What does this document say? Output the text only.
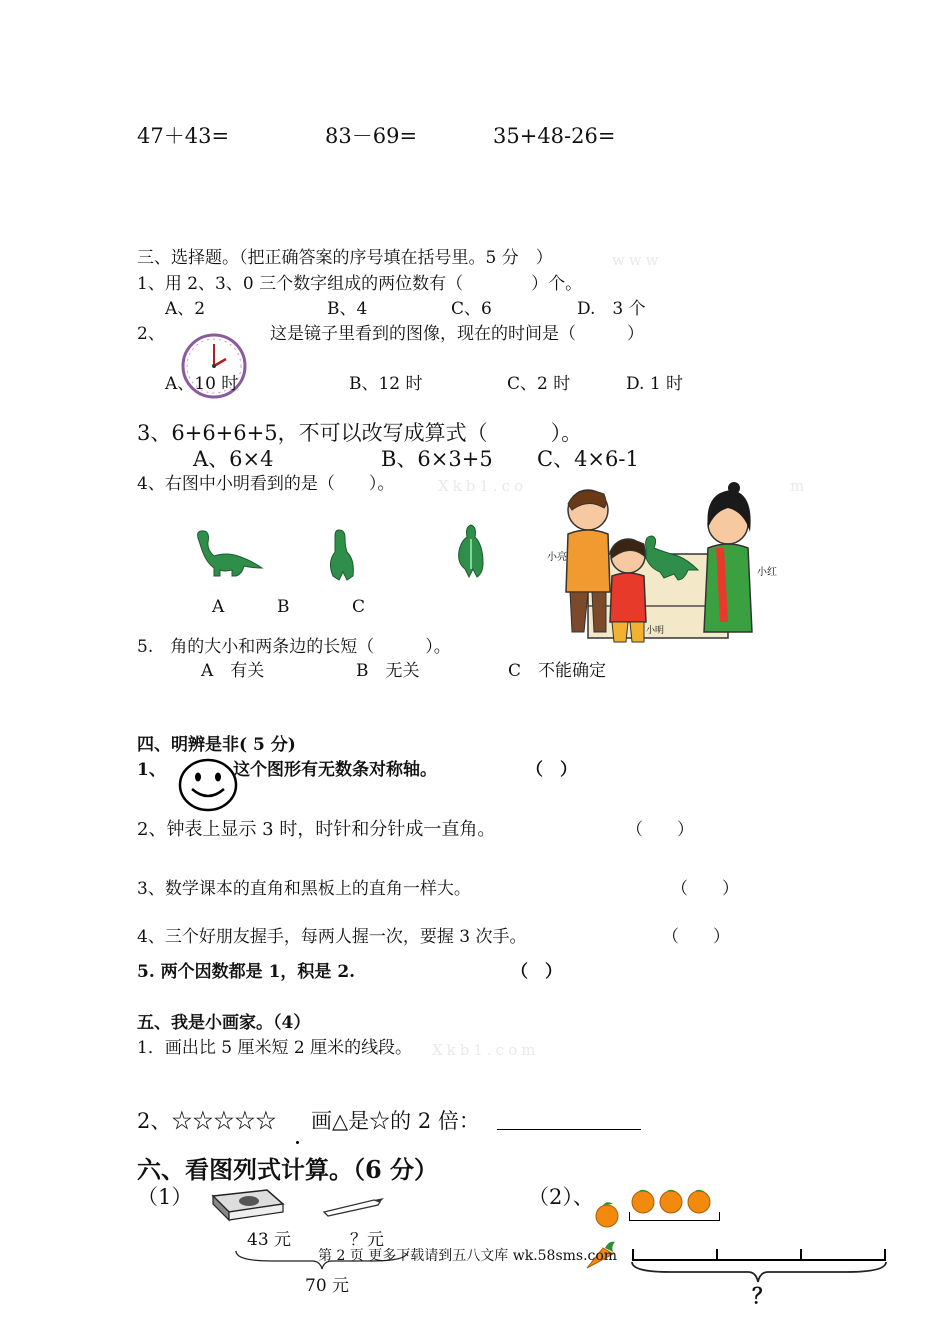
47＋43=	83－69=	35+48-26=
三、选择题。（把正确答案的序号填在括号里。5 分　）	www
1、用 2、3、0 三个数字组成的两位数有（　　　　）个。
A、2	B、4	C、6	D.　3 个
2、	这是镜子里看到的图像，现在的时间是（　　　）
A、10 时	B、12 时	C、2 时	D. 1 时
3、6+6+6+5，不可以改写成算式（　　　）。
A、6×4	B、6×3+5 C、4×6-1
4、右图中小明看到的是（　　）。	Xkb1.co	m
A	B	C
小亮
小明
小红
5.　角的大小和两条边的长短（　　　）。
A　有关	B　无关	C　不能确定
四、明辨是非( 5 分)
1、	这个图形有无数条对称轴。	（　）
2、钟表上显示 3 时，时针和分针成一直角。	（　　）
3、数学课本的直角和黑板上的直角一样大。	（　　）
4、三个好朋友握手，每两人握一次，要握 3 次手。	（　　）
5. 两个因数都是 1，积是 2.	（　）
五、我是小画家。（4）
1．画出比 5 厘米短 2 厘米的线段。 Xkb1.com
2、☆☆☆☆☆ 画△是☆的 2 倍：
六、看图列式计算。（6 分）
（1）
43 元	？元
70 元
（2）、
？
第 2 页 更多下载请到五八文库 wk.58sms.com
